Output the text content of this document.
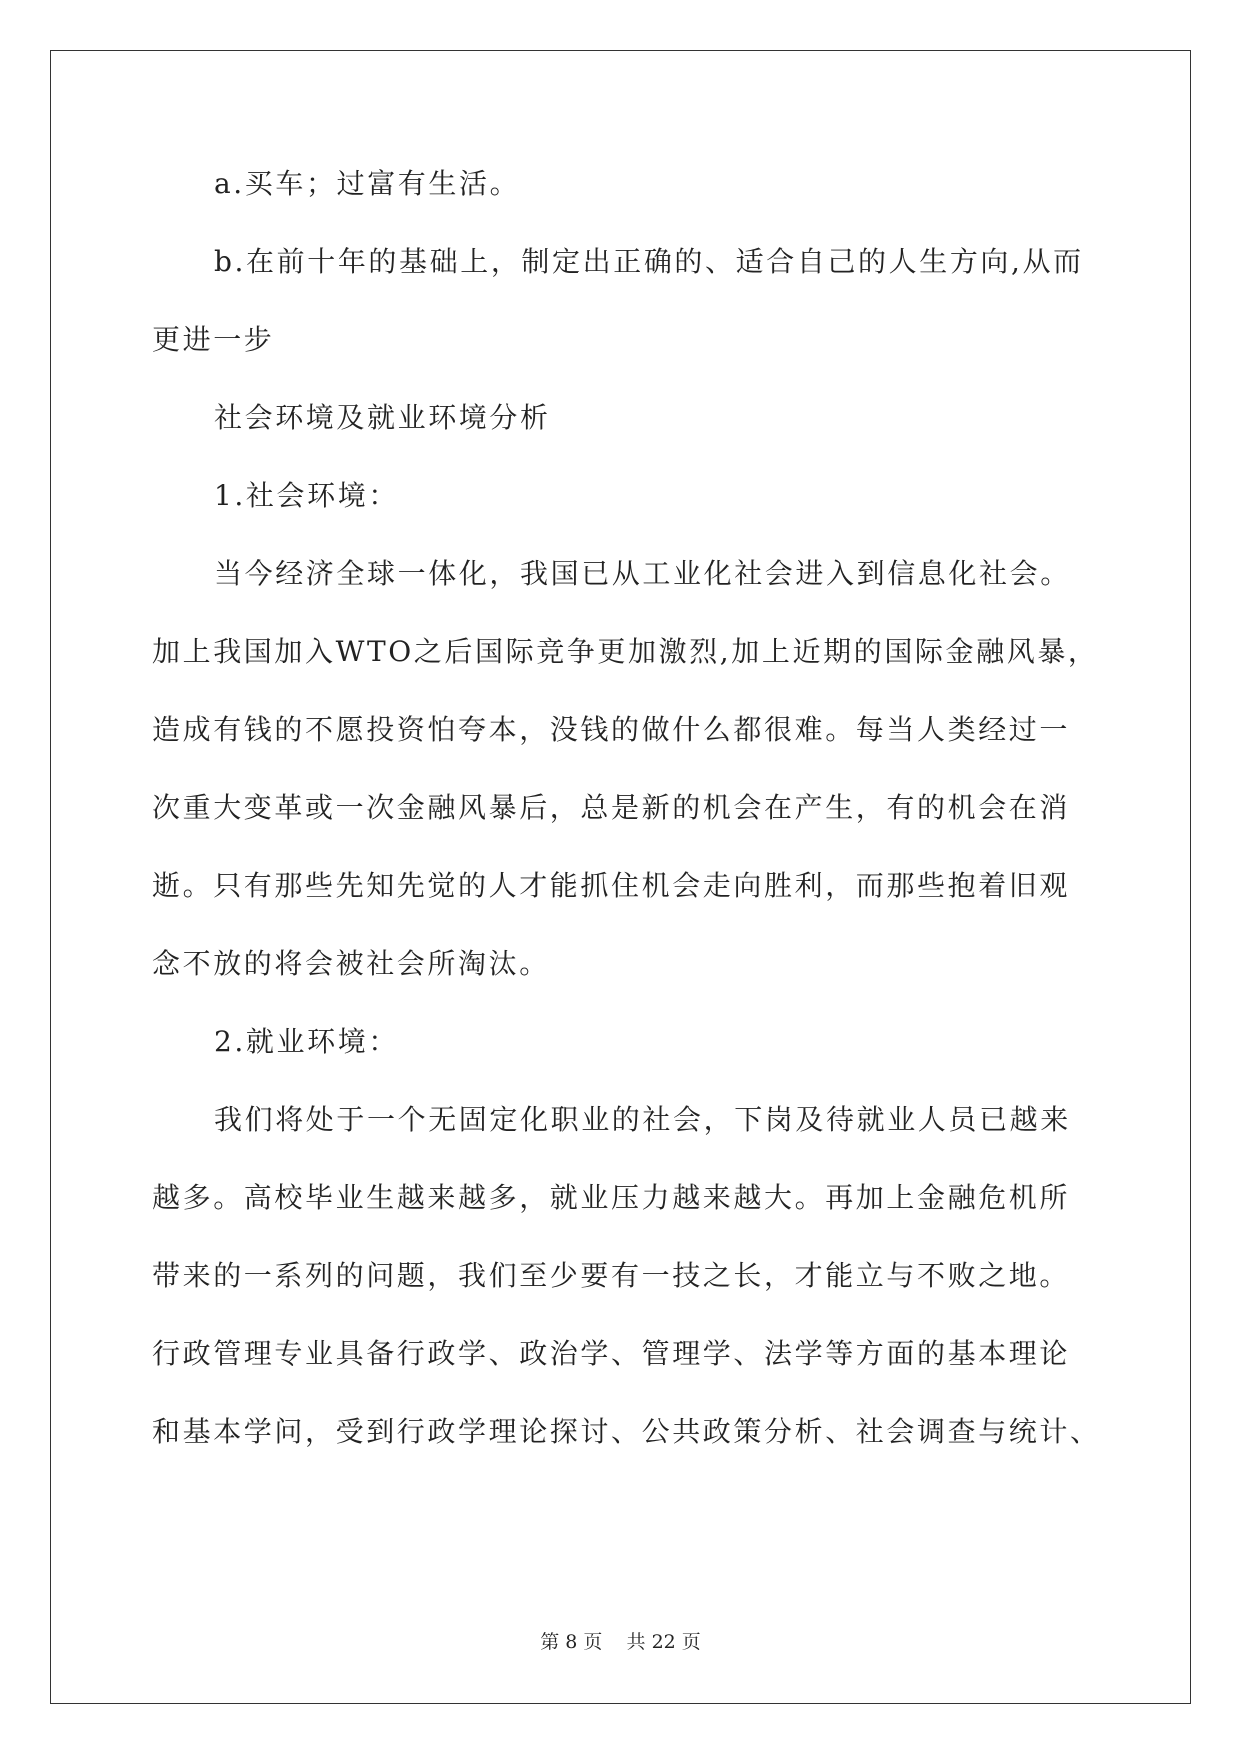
a.买车；过富有生活。
b.在前十年的基础上，制定出正确的、适合自己的人生方向,从而
更进一步
社会环境及就业环境分析
1.社会环境：
当今经济全球一体化，我国已从工业化社会进入到信息化社会。
加上我国加入WTO之后国际竞争更加激烈,加上近期的国际金融风暴，
造成有钱的不愿投资怕夸本，没钱的做什么都很难。每当人类经过一
次重大变革或一次金融风暴后，总是新的机会在产生，有的机会在消
逝。只有那些先知先觉的人才能抓住机会走向胜利，而那些抱着旧观
念不放的将会被社会所淘汰。
2.就业环境：
我们将处于一个无固定化职业的社会，下岗及待就业人员已越来
越多。高校毕业生越来越多，就业压力越来越大。再加上金融危机所
带来的一系列的问题，我们至少要有一技之长，才能立与不败之地。
行政管理专业具备行政学、政治学、管理学、法学等方面的基本理论
和基本学问，受到行政学理论探讨、公共政策分析、社会调查与统计、
第 8 页 共 22 页
